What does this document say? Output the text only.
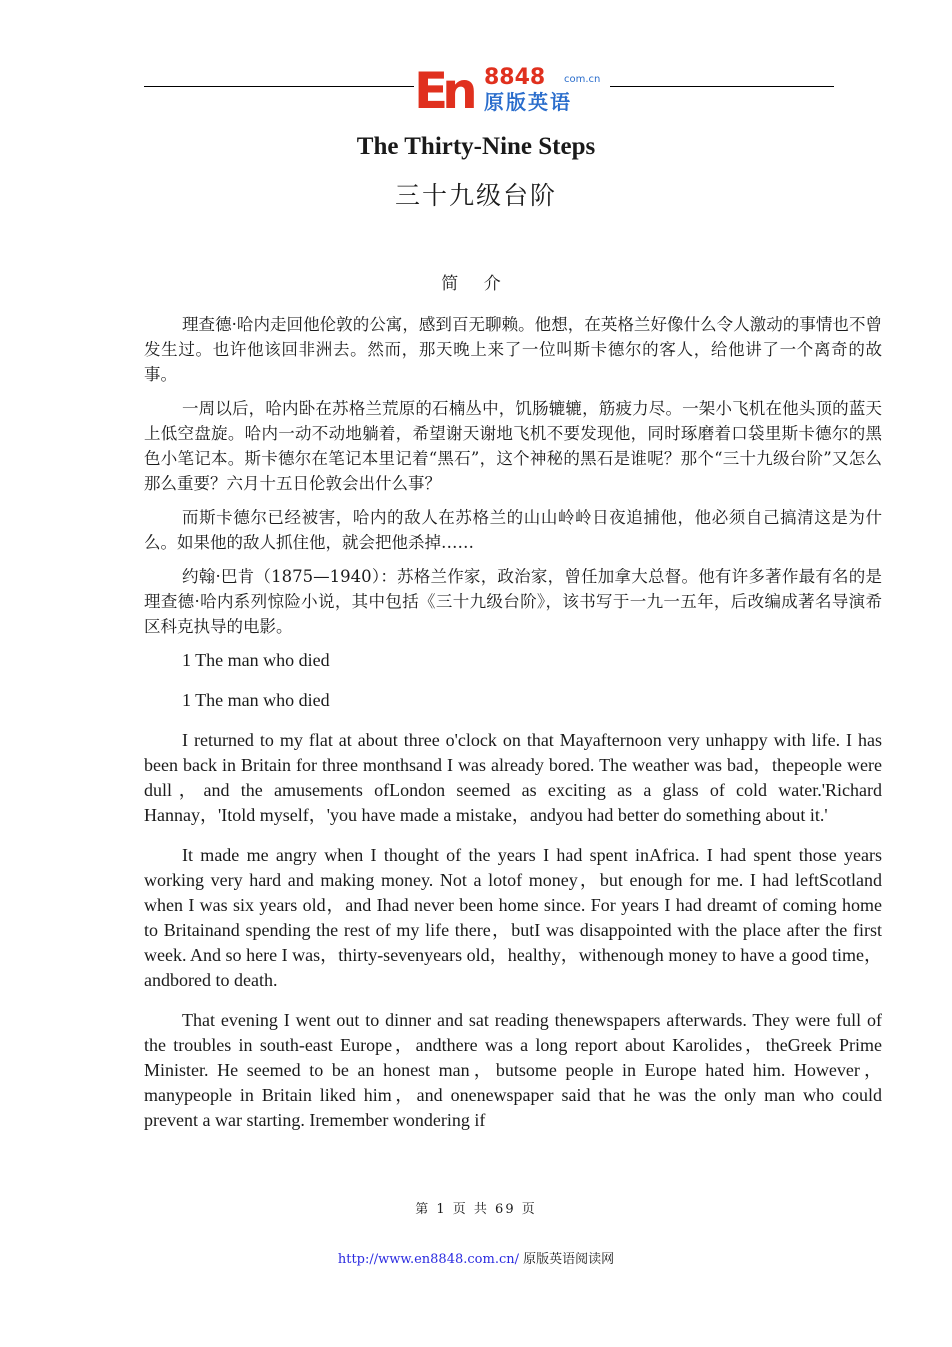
En 8848 com.cn
原版英语
The Thirty-Nine Steps
三十九级台阶
简 介

理查德·哈内走回他伦敦的公寓，感到百无聊赖。他想，在英格兰好像什么令人激动的事情也不曾发生过。也许他该回非洲去。然而，那天晚上来了一位叫斯卡德尔的客人，给他讲了一个离奇的故事。

一周以后，哈内卧在苏格兰荒原的石楠丛中，饥肠辘辘，筋疲力尽。一架小飞机在他头顶的蓝天上低空盘旋。哈内一动不动地躺着，希望谢天谢地飞机不要发现他，同时琢磨着口袋里斯卡德尔的黑色小笔记本。斯卡德尔在笔记本里记着“黑石”，这个神秘的黑石是谁呢？那个“三十九级台阶”又怎么那么重要？六月十五日伦敦会出什么事？

而斯卡德尔已经被害，哈内的敌人在苏格兰的山山岭岭日夜追捕他，他必须自己搞清这是为什么。如果他的敌人抓住他，就会把他杀掉……

约翰·巴肯（1875—1940）：苏格兰作家，政治家，曾任加拿大总督。他有许多著作最有名的是理查德·哈内系列惊险小说，其中包括《三十九级台阶》，该书写于一九一五年，后改编成著名导演希区科克执导的电影。

1 The man who died

1 The man who died

I returned to my flat at about three o'clock on that Mayafternoon very unhappy with life. I has been back in Britain for three monthsand I was already bored. The weather was bad，thepeople were dull，and the amusements ofLondon seemed as exciting as a glass of cold water.'Richard Hannay，'Itold myself，'you have made a mistake，andyou had better do something about it.'

It made me angry when I thought of the years I had spent inAfrica. I had spent those years working very hard and making money. Not a lotof money，but enough for me. I had leftScotland when I was six years old，and Ihad never been home since. For years I had dreamt of coming home to Britainand spending the rest of my life there，butI was disappointed with the place after the first week. And so here I was，thirty-sevenyears old，healthy，withenough money to have a good time，andbored to death.

That evening I went out to dinner and sat reading thenewspapers afterwards. They were full of the troubles in south-east Europe，andthere was a long report about Karolides，theGreek Prime Minister. He seemed to be an honest man，butsome people in Europe hated him. However，manypeople in Britain liked him，and onenewspaper said that he was the only man who could prevent a war starting. Iremember wondering if

第 1 页 共 69 页
http://www.en8848.com.cn/ 原版英语阅读网
